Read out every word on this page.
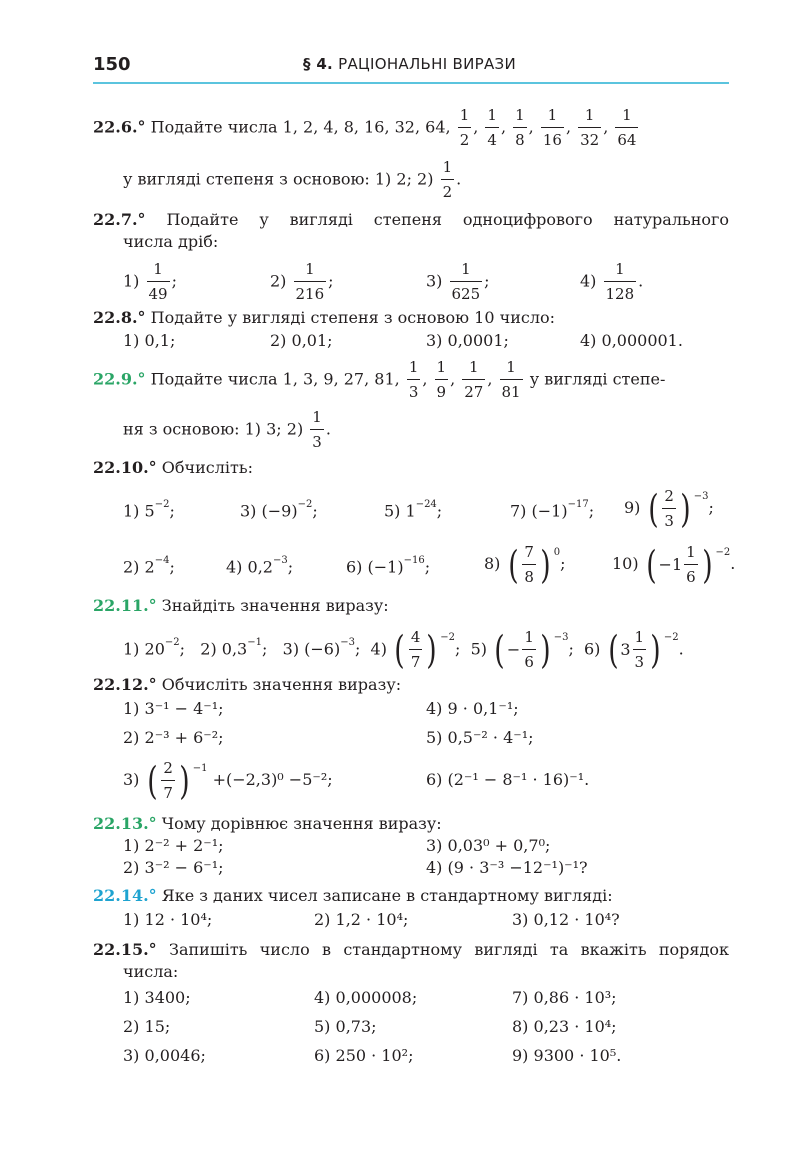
150	§ 4. РАЦІОНАЛЬНІ ВИРАЗИ
22.6.° Подайте числа 1, 2, 4, 8, 16, 32, 64, $\frac{1}{2}$ , $\frac{1}{4}$ , $\frac{1}{8}$ , $\frac{1}{16}$ , $\frac{1}{32}$ , $\frac{1}{64}$
у вигляді степеня з основою: 1) 2; $2) \frac{1}{2}$ .
22.7.° Подайте у вигляді степеня одноцифрового натурального
числа дріб:
$1) \frac{1}{49}$ ;	$2) \frac{1}{216}$ ;	$3) \frac{1}{625}$ ;	$4) \frac{1}{128}$ .
22.8.° Подайте у вигляді степеня з основою 10 число:
1) 0,1;	2) 0,01;	3) 0,0001;	4) 0,000001.
22.9.° Подайте числа 1, 3, 9, 27, 81, $\frac{1}{3}$ , $\frac{1}{9}$ , $\frac{1}{27}$ , $\frac{1}{81}$ у вигляді степе-
ня з основою: 1) 3; $2) \frac{1}{3}$ .
22.10.° Обчисліть:
1) $5^{-2}$;	3) $(-9)^{-2}$;	5) $1^{-24}$;	7) $(-1)^{-17}$; 9) ( $\frac{2}{3}$ ) $^{-3}$;
2) $2^{-4}$;	4) $0,2^{-3}$;	6) $(-1)^{-16}$;	8) ( $\frac{7}{8}$ ) $^0$;	10) ( $-1 \frac{1}{6}$ ) $^{-2}$.
22.11.° Знайдіть значення виразу:
1) $20^{-2}$;   2) $0,3^{-1}$;   3) $(-6)^{-3}$;  4) ( $\frac{4}{7}$ ) $^{-2}$;  5) ( − $\frac{1}{6}$ ) $^{-3}$;  6) ( $3 \frac{1}{3}$ ) $^{-2}$.
22.12.° Обчисліть значення виразу:
1) 3⁻¹ − 4⁻¹;	4) 9 · 0,1⁻¹;
2) 2⁻³ + 6⁻²;	5) 0,5⁻² · 4⁻¹;
3) ( $\frac{2}{7}$ ) $^{-1}$ +(−2,3)⁰ −5⁻²;	6) (2⁻¹ − 8⁻¹ · 16)⁻¹.
22.13.° Чому дорівнює значення виразу:
1) 2⁻² + 2⁻¹;	3) 0,03⁰ + 0,7⁰;
2) 3⁻² − 6⁻¹;	4) (9 · 3⁻³ −12⁻¹)⁻¹?
22.14.° Яке з даних чисел записане в стандартному вигляді:
1) 12 · 10⁴;	2) 1,2 · 10⁴;	3) 0,12 · 10⁴?
22.15.° Запишіть число в стандартному вигляді та вкажіть порядок
числа:
1) 3400;	4) 0,000008;	7) 0,86 · 10³;
2) 15;	5) 0,73;	8) 0,23 · 10⁴;
3) 0,0046;	6) 250 · 10²;	9) 9300 · 10⁵.
